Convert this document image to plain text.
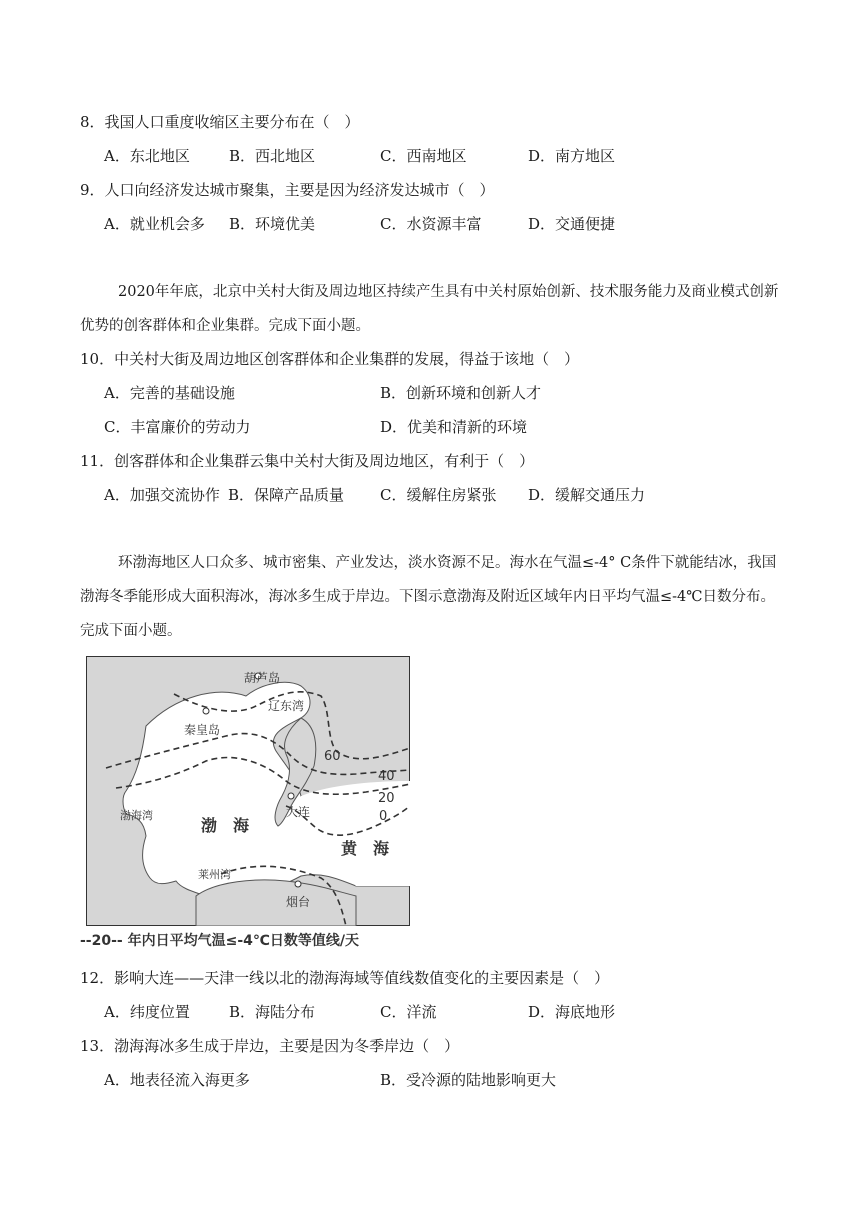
8．我国人口重度收缩区主要分布在（　）
A．东北地区	B．西北地区	C．西南地区	D．南方地区
9．人口向经济发达城市聚集，主要是因为经济发达城市（　）
A．就业机会多 B．环境优美	C．水资源丰富	D．交通便捷
2020年年底，北京中关村大街及周边地区持续产生具有中关村原始创新、技术服务能力及商业模式创新优势的创客群体和企业集群。完成下面小题。
10．中关村大街及周边地区创客群体和企业集群的发展，得益于该地（　）
A．完善的基础设施	B．创新环境和创新人才
C．丰富廉价的劳动力	D．优美和清新的环境
11．创客群体和企业集群云集中关村大街及周边地区，有利于（　）
A．加强交流协作 B．保障产品质量 C．缓解住房紧张 D．缓解交通压力
环渤海地区人口众多、城市密集、产业发达，淡水资源不足。海水在气温≤-4° C条件下就能结冰，我国渤海冬季能形成大面积海冰，海冰多生成于岸边。下图示意渤海及附近区域年内日平均气温≤-4℃日数分布。完成下面小题。
葫芦岛
辽东湾
秦皇岛
渤海湾
渤　海
大连
黄　海
莱州湾
烟台
60
40
20
0
--20-- 年内日平均气温≤-4℃日数等值线/天
12．影响大连——天津一线以北的渤海海域等值线数值变化的主要因素是（　）
A．纬度位置	B．海陆分布	C．洋流	D．海底地形
13．渤海海冰多生成于岸边，主要是因为冬季岸边（　）
A．地表径流入海更多	B．受冷源的陆地影响更大
